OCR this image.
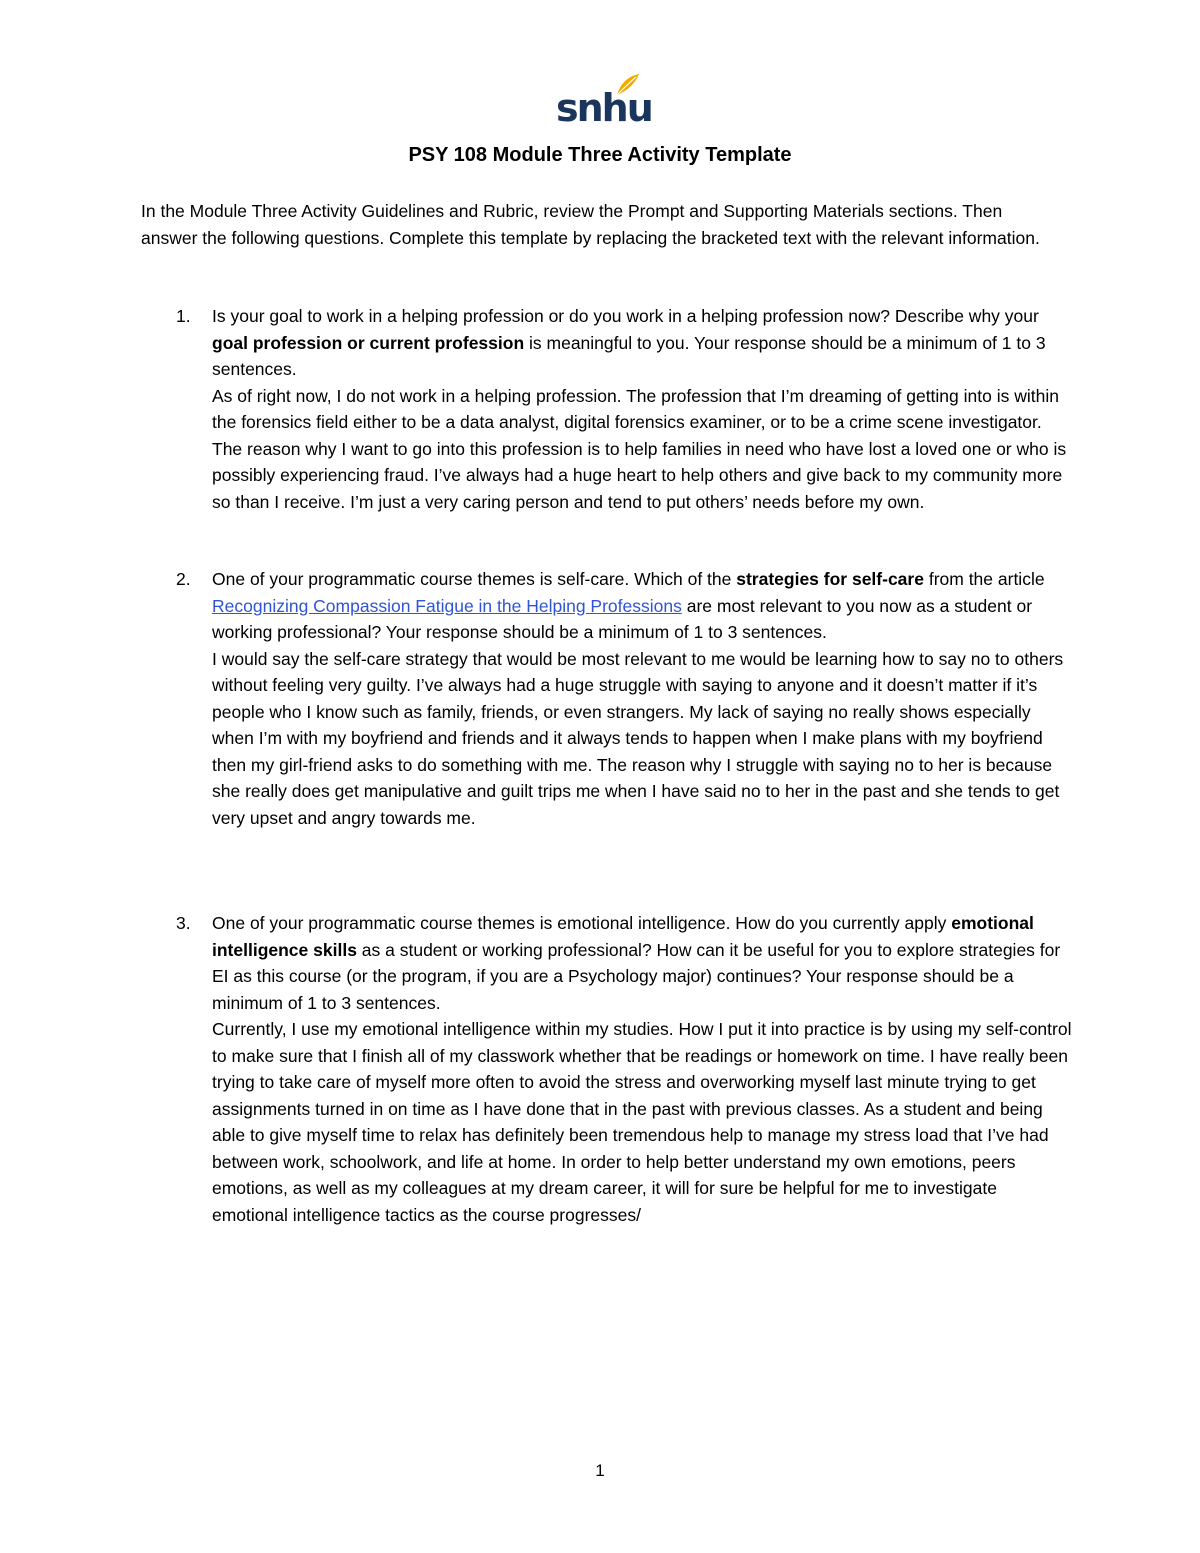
snhu
PSY 108 Module Three Activity Template
In the Module Three Activity Guidelines and Rubric, review the Prompt and Supporting Materials sections. Then answer the following questions. Complete this template by replacing the bracketed text with the relevant information.
1.	Is your goal to work in a helping profession or do you work in a helping profession now? Describe why your goal profession or current profession is meaningful to you. Your response should be a minimum of 1 to 3 sentences.

As of right now, I do not work in a helping profession. The profession that I’m dreaming of getting into is within the forensics field either to be a data analyst, digital forensics examiner, or to be a crime scene investigator. The reason why I want to go into this profession is to help families in need who have lost a loved one or who is possibly experiencing fraud. I’ve always had a huge heart to help others and give back to my community more so than I receive. I’m just a very caring person and tend to put others’ needs before my own.

2.	One of your programmatic course themes is self-care. Which of the strategies for self-care from the article Recognizing Compassion Fatigue in the Helping Professions are most relevant to you now as a student or working professional? Your response should be a minimum of 1 to 3 sentences.

I would say the self-care strategy that would be most relevant to me would be learning how to say no to others without feeling very guilty. I’ve always had a huge struggle with saying to anyone and it doesn’t matter if it’s people who I know such as family, friends, or even strangers. My lack of saying no really shows especially when I’m with my boyfriend and friends and it always tends to happen when I make plans with my boyfriend then my girl-friend asks to do something with me. The reason why I struggle with saying no to her is because she really does get manipulative and guilt trips me when I have said no to her in the past and she tends to get very upset and angry towards me.

3.	One of your programmatic course themes is emotional intelligence. How do you currently apply emotional intelligence skills as a student or working professional? How can it be useful for you to explore strategies for EI as this course (or the program, if you are a Psychology major) continues? Your response should be a minimum of 1 to 3 sentences.

Currently, I use my emotional intelligence within my studies. How I put it into practice is by using my self-control to make sure that I finish all of my classwork whether that be readings or homework on time. I have really been trying to take care of myself more often to avoid the stress and overworking myself last minute trying to get assignments turned in on time as I have done that in the past with previous classes. As a student and being able to give myself time to relax has definitely been tremendous help to manage my stress load that I’ve had between work, schoolwork, and life at home. In order to help better understand my own emotions, peers emotions, as well as my colleagues at my dream career, it will for sure be helpful for me to investigate emotional intelligence tactics as the course progresses/

1
